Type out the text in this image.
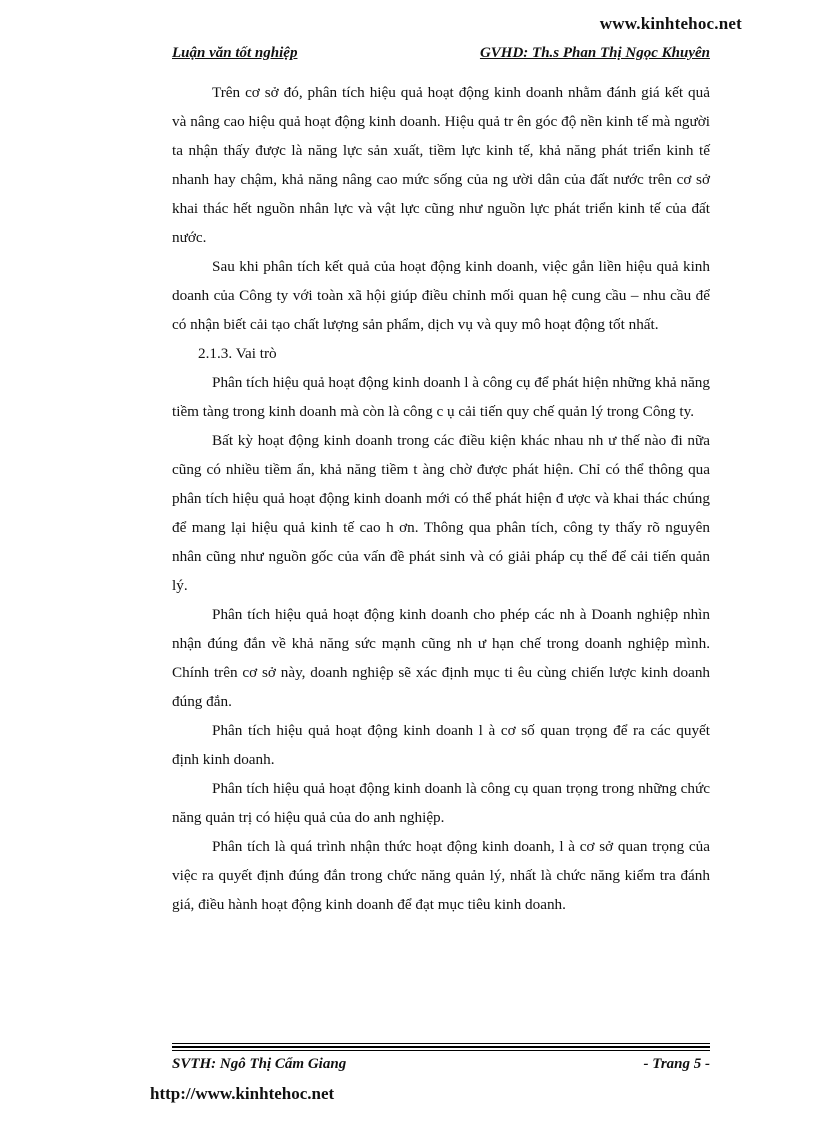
www.kinhtehoc.net
Luận văn tốt nghiệp	GVHD: Th.s Phan Thị Ngọc Khuyên

Trên cơ sở đó, phân tích hiệu quả hoạt động kinh doanh nhằm đánh giá kết quả và nâng cao hiệu quả hoạt động kinh doanh. Hiệu quả tr ên góc độ nền kinh tế mà người ta nhận thấy được là năng lực sản xuất, tiềm lực kinh tế, khả năng phát triển kinh tế nhanh hay chậm, khả năng nâng cao mức sống của ng ười dân của đất nước trên cơ sở khai thác hết nguồn nhân lực và vật lực cũng như nguồn lực phát triển kinh tế của đất nước.

Sau khi phân tích kết quả của hoạt động kinh doanh, việc gắn liền hiệu quả kinh doanh của Công ty với toàn xã hội giúp điều chỉnh mối quan hệ cung cầu – nhu cầu để có nhận biết cải tạo chất lượng sản phẩm, dịch vụ và quy mô hoạt động tốt nhất.

2.1.3. Vai trò

Phân tích hiệu quả hoạt động kinh doanh l à công cụ để phát hiện những khả năng tiềm tàng trong kinh doanh mà còn là công c ụ cải tiến quy chế quản lý trong Công ty.

Bất kỳ hoạt động kinh doanh trong các điều kiện khác nhau nh ư thế nào đi nữa cũng có nhiều tiềm ẩn, khả năng tiềm t àng chờ được phát hiện. Chỉ có thể thông qua phân tích hiệu quả hoạt động kinh doanh mới có thể phát hiện đ ược và khai thác chúng để mang lại hiệu quả kinh tế cao h ơn. Thông qua phân tích, công ty thấy rõ nguyên nhân cũng như nguồn gốc của vấn đề phát sinh và có giải pháp cụ thể để cải tiến quản lý.

Phân tích hiệu quả hoạt động kinh doanh cho phép các nh à Doanh nghiệp nhìn nhận đúng đắn về khả năng sức mạnh cũng nh ư hạn chế trong doanh nghiệp mình. Chính trên cơ sở này, doanh nghiệp sẽ xác định mục ti êu cùng chiến lược kinh doanh đúng đắn.

Phân tích hiệu quả hoạt động kinh doanh l à cơ số quan trọng để ra các quyết định kinh doanh.

Phân tích hiệu quả hoạt động kinh doanh là công cụ quan trọng trong những chức năng quản trị có hiệu quả của do anh nghiệp.

Phân tích là quá trình nhận thức hoạt động kinh doanh, l à cơ sở quan trọng của việc ra quyết định đúng đắn trong chức năng quản lý, nhất là chức năng kiểm tra đánh giá, điều hành hoạt động kinh doanh để đạt mục tiêu kinh doanh.

SVTH: Ngô Thị Cẩm Giang	- Trang 5 -
http://www.kinhtehoc.net
